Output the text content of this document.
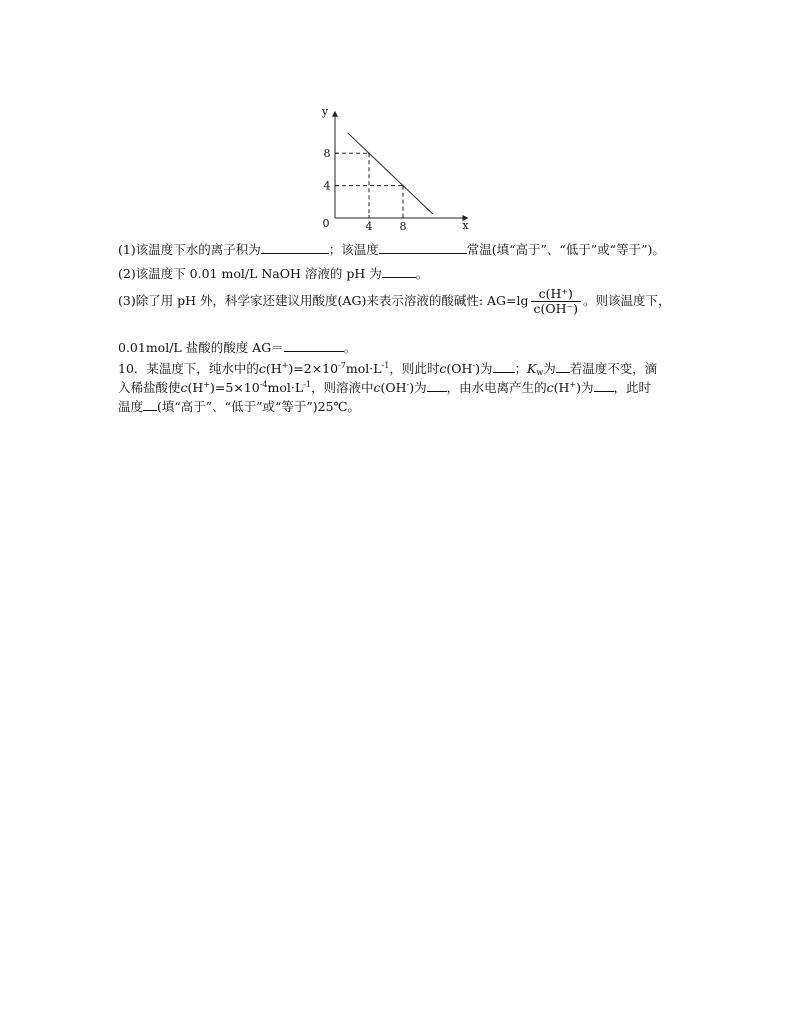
x
y
0	4 8
4
8
(1)该温度下水的离子积为	；该温度	常温(填“高于”、“低于”或“等于”)。
(2)该温度下 0.01 mol/L NaOH 溶液的 pH 为	。
(3)除了用 pH 外，科学家还建议用酸度(AG)来表示溶液的酸碱性: $AG=\lg \frac{c(H^+)}{c(OH^-)}$ 。则该温度下，
0.01mol/L 盐酸的酸度 AG＝	。
10．某温度下，纯水中的$c(H^+)=2\times 10^{-7}mol\cdot L^{-1}$，则此时c(OH-)为 ；$K_w$为 若温度不变，滴
入稀盐酸使$c(H^+)=5\times 10^{-4}mol\cdot L^{-1}$，则溶液中c(OH-)为 ，由水电离产生的c(H+)为 ，此时
温度 (填“高于”、“低于”或“等于”)25℃。
